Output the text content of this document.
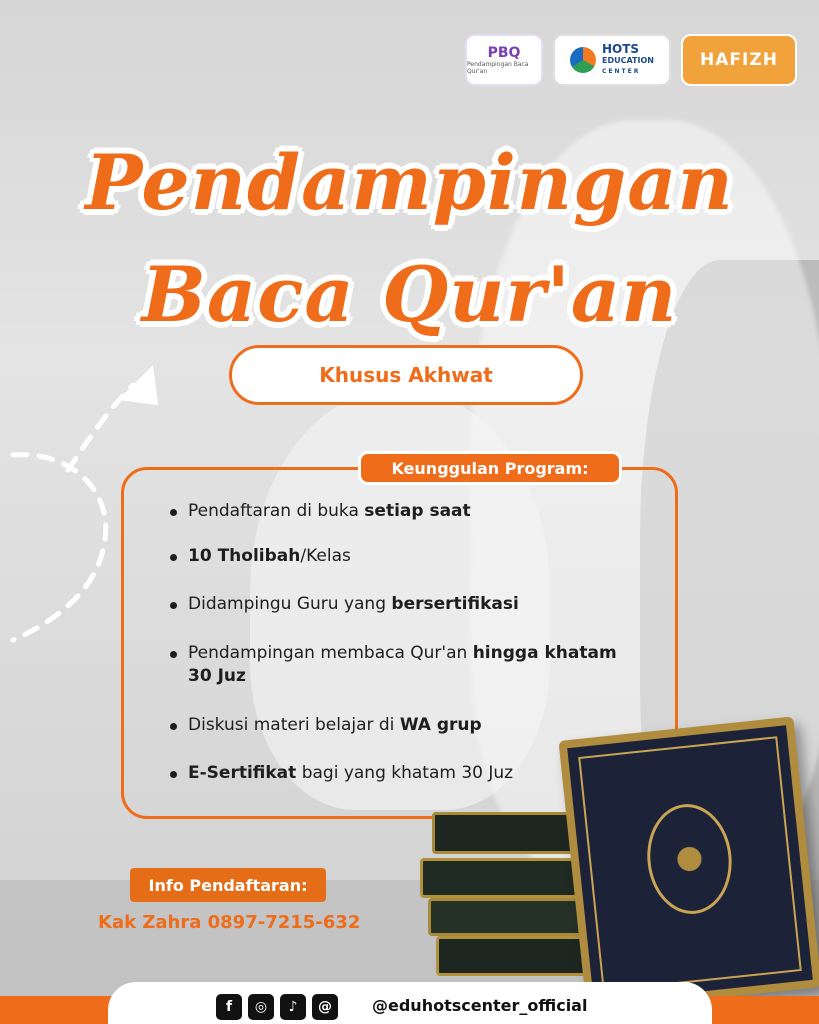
PBQ
Pendampingan Baca Qur'an
HOTS
EDUCATION
CENTER
HAFIZH
Pendampingan
Baca Qur'an
Khusus Akhwat
Keunggulan Program:
Pendaftaran di buka setiap saat
10 Tholibah/Kelas
Didampingu Guru yang bersertifikasi
Pendampingan membaca Qur'an hingga khatam 30 Juz
Diskusi materi belajar di WA grup
E-Sertifikat bagi yang khatam 30 Juz
Info Pendaftaran:
Kak Zahra 0897-7215-632
f	◎	♪	@	@eduhotscenter_official
